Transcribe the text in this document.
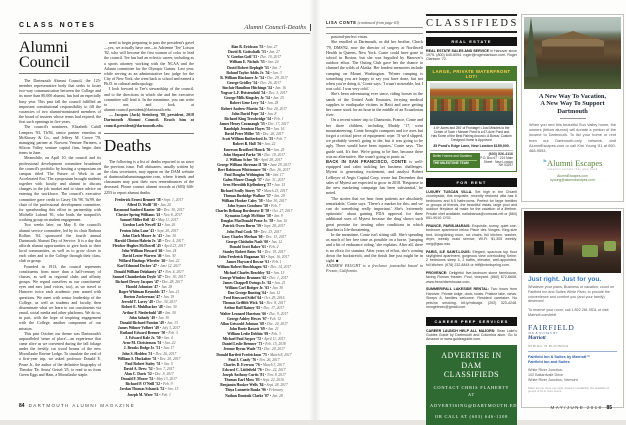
CLASS NOTES	Alumni Council-Deaths
Alumni Council

The Dartmouth Alumni Council, the 125-member representative body that seeks to foster two-way communication between the College and its more than 80,000 alumni, has had an especially busy year. This past fall the council fulfilled an important constitutional responsibility to fill the vacancies of two alumni-nominated members of the board of trustees whose terms had expired, the first such openings in five years.

The council's nominees, Elizabeth Cahill Lempres '83, Th'84, senior partner emeritus at McKinsey & Co., and Jeffrey M. Crowe '78, managing partner at Norwest Venture Partners, a Silicon Valley venture capital firm, begin their terms in June.

Meanwhile, on April 10, the council and its professional development committee broadened the council's portfolio by hosting a symposium on campus titled 'The Future of Work in an Accelerated Era.' The symposium brought students together with faculty and alumni to discuss changes in the job market and to share advice on entering the workforce. The council's executive committee gave credit to Casey Oh '98, Tu'99, the chair of the professional development committee, for spearheading this effort in partnership with Michelle Lafond '81, who leads the nonprofit's working group on student engagement.

Two weeks later, on May 8, the council's alumni service committee, led by its chair Barbara Rollins '84, sponsored the fourth annual Dartmouth Alumni Day of Service. It is a day that affords alumni opportunities to give back to their local communities, as well as to grow closer to each other and to the College through their class, club or group.

Founded in 1913, the council represents constituents from more than a half-century of classes, as well as regional clubs and affinity groups. We regard ourselves as our constituents' eyes and ears (and voices, too), as we travel to Hanover twice each academic year armed with questions. We meet with senior leadership of the College, as well as students and faculty, then disseminate what we learn to our constituents via email, social media and other platforms. We do so, in part, with the hope of inspiring engagement with the College, another component of our mission.

This past October our theme was Dartmouth's unparalleled 'sense of place'—an experience that came alive as we convened during the fall foliage under the freshly cut wood beams of the new Moosilauke Ravine Lodge. To simulate the zeal of a first-year trip, we asked professor Donald E. Pease Jr., the author of the definitive biography of Theodor 'Dr. Seuss' Geisel '25, to read to us from Green Eggs and Ham, a Moosilauke staple.

need to begin preparing to pass the president's gavel—yes, we actually have one—to Adrienne 'Tee' Lotson '82, who will become the first woman of color to lead the council. Tee has had an eclectic career, including as a sports attorney working with the NCAA and the Atlanta committee for the Olympic Games. Last year, while serving as an administrative law judge for the City of New York, she went back to school and earned a Ph.D. in cultural anthropology.

I look forward to Tee's stewardship of the council, and to the directions in which she and her executive committee will lead it. In the meantime, you can write to me, and look at alumni.council.president@dartmouth.edu.

— Jacques (Jack) Steinberg '88, president, 2018 Dartmouth Alumni Council. Reach him at council.president@dartmouth.edu.

Deaths

The following is a list of deaths reported to us since the previous issue. Full obituaries, usually written by the class secretaries, may appear on the DAM website at dartmouthalumnimagazine.com, where friends and classmates may post their own remembrances of the deceased. Please contact alumni records at (603) 646-2253 to report alumni deaths.

Frederick Ernest Bennett '38 • Sept. 1, 2017
Alfred D. Wolff '38 • Jan. 20
Raymond Sanford Kanter '40 • Dec. 30, 2017
Chester Spring Williams '41 • Nov. 8, 2017
Samuel Miller Bell '42 • May 11, 2017
Gordon Loeb Newell '42 • Jan. 26
Fenton John Lane '43 • Sept. 20, 2017
John Clark Moore Jr. '43 • Jan. 30
Harold Clinton Habein Jr. '45 • Dec. 4, 2017
Fletcher Hughes McDowell '45 • April 23, 2017
John William Howard '46 • Jan. 24
David Lester Warren '46 • Jan. 30
Willard Hastings Wheeler '46 • Jan. 22
Karl Edmond Decker '47 • June 12, 2017
Donald William Delahanty '47 • Nov. 4, 2017
Samuel Chamberlain Doyle '47 • Dec. 30, 2017
Richard Dewey Jacques '47 • Dec. 28, 2017
Harold Johnston '47 • Jan. 28
Roger Whitman Reynolds '47 • Jan. 21
Burton Zuckerman '47 • Jan. 19
Jerrold T. Lavey '48 • Dec. 30, 2017
Robert E. Muhlbacker '48 • Jan. 30
Arthur F. Niederbuhl '48 • Jan. 30
John Sahady '49 • Jan. 30
Donald Richard Pontius '49 • Jan. 13
James Wilmer Volbert '49 • July 3, 2017
Rutland Edward Beemer '50 • Feb. 3
J. Edward Kale Jr. '50 • Jan. 4
Arne M. Christenson '51 • Jan. 22
J. Brooks Dodge Jr. '51 • Jan. 17
John S. Hedden '51 • Dec. 26, 2017
William S. Huckabee '51 • Dec. 20, 2017
Paul Robert Staley '51 • Jan. 5
David A. Drew '52 • Nov. 7, 2017
Alan C. Davis '52 • Dec. 9, 2017
Donald F. Moore '52 • May 13, 2017
Richard P. O'Neill '52 • Feb. 9
Jordan Thomas Schanck '52 • Jan. 13
Joseph M. Ware '52 • Feb. 1
Alan B. Erickson '53 • Jan. 27
David R. Gottschalk '53 • Jan. 27
V. Gordon Goff '53 • Dec. 10, 2017
William E. Nichols '53 • Jan. 24
David Robert Replogle '53 • Jan. 7
Roland Taylor Addis Jr. '54 • Jan. 3
B. William Blackmer Jr. '54 • Dec. 29, 2017
George Gridley '54 • Dec. 26, 2017
Sinclair Hamilton Hitchings '54 • Jan. 16
Yngvar L.F. Hvistendahl '54 • Dec. 3, 2017
George Mills Kingsley Jr. '54 • Jan. 25
Robert Gene Levy '54 • Jan. 28
Robert Andrew Martin '54 • Nov. 20, 2017
John David Pope '54 • Jan. 8
Richard King Trowbridge '54 • Feb. 1
James Henry Cavanaugh '55 • Dec. 17, 2017
Randolph Jennison Hayes '55 • Jan. 16
David Peter Miller '55 • Dec. 26, 2017
Scott William Rutherford Jr. '55 • Feb. 7
Robert B. Hall '56 • Jan. 22
Emerson Bradford Houck '56 • Jan. 25
John Shepard Parke '56 • Dec. 19, 2017
J. William Scher '56 • April 28, 2017
George William Sherman II '56 • June 29, 2017
Bert Robinson Whittemore '56 • Dec. 26, 2017
Paul Douglas Withington '56 • Jan. 17
Galen Moore Clough '57 • Jan. 31, 2017
Sven Meredith Kjellenberg '57 • Jan. 15
Richard Scully Storey '57 • March 23, 2017
Thomas Burbidge Wallace '57 • Jan. 29
William Hooker Caley '58 • Mar. 30, 2017
John Symes Goodnow '58 • Feb. 7
Charles Belknap Bordenave II '58 • Oct. 27, 2017
Kynaston Leigh McShine '58 • Jan. 9
Douglas MacDonald Pease Jr. '58 • Jan. 16
Patrick Owen Burns '59 • Sept. 28, 2017
John Paul Cook '59 • Dec. 23, 2017
Gary Charles Meehan '60 • Dec. 13, 2017
George Chisholm Nash '60 • Jan. 12
Donald Scott Baker '61 • Feb. 2
Stanley Robert Bates '61 • Dec. 19, 2017
John Frederick Hagaman '61 • Sept. 16, 2017
James Hayward Bowne '61 • Feb. 1
William Robert Buschhagen '62 • Dec. 14, 2017
Michael Charles Beachley '62 • Jan. 13
George Winslow Brannen '62 • Dec. 1, 2017
James Chappell Owings Jr. '62 • Jan. 21
William Carl Bottger Jr. '63 • Jan. 30
Dan George Bunting '64 • Jan. 12
Fred Renward Stifel '64 • Oct. 29, 2016
Thomas Griffith Wick '64 • Dec. 8, 2017
Arthur Bull Rainey '65 • Dec. 17, 2017
Walter Leonard Harrison '66 • Dec. 9, 2017
George Ashley Hewes '67 • Feb. 12
Allan Griswold Johnson '68 • Dec. 24, 2017
John Burie Bassett '69 • Jan. 21
William Leslie Dobbin '69 • Feb. 3
Michael Paul Szyper '72 • April 11, 2017
Daniel Leslie Brenner '73 • Feb. 15, 2018
Jerome Byron Wade '73 • Dec. 20, 2017
Donald Bartlett Fredrickson '75 • March 8, 2017
Paul J. Coady '76 • Nov. 26, 2017
Charles D. Everson '76 • March 3, 2017
Edward C. Littlefield '76 • Dec. 22, 2017
Joseph Anthony Curtis '81 • Nov. 8, 2017
Thomas Earl Moss '83 • Sept. 22, 2016
Benjamin Hooker Wells '84 • Sept. 28, 2017
Thiya Lunnette Banks '96 • February
Nathan Dominik Clarke '07 • Jan. 28

LISA CONTE (continued from page 63)

pastoral-perfect vistas.

She enrolled at Dartmouth, as did her brother, Chuck '79, DMS'82, now the director of surgery at Northwell Health in Queens, New York. Conte could have gone to school in Boston, but she was beguiled by Hanover's outdoor ethos. The Outing Club gave her the chance to channel the wilds of Alaska. Her fondest memories include camping on Mount Washington. 'Winter camping is something you are happy to say you have done, but not when you're doing it,' Conte says. 'I wasn't miserable, but I was cold. I was very cold.'

She's been adventuring ever since, riding horses in the sands of the United Arab Emirates, ferrying medical supplies to earthquake victims in Haiti and once getting her canoe stuck for an hour in the middle of an Ecuadorian river.

On a recent winter trip to Chamonix, France, Conte and her three children, including Maddy '17, went mountaineering. Conte brought crampons and ice axes but forgot a critical piece of equipment: rope. 'If we'd slipped, we probably weren't going to die, but it was going to be ugly. There would have been injuries,' Conte says. 'The guide said, It's fine. We're going to be fine, because there was no alternative. She wasn't going to panic us.'

BACK IN SAN FRANCISCO, CONTE is well-equipped and calm tackling her business challenges. Mytesi is generating excitement, and analyst Robert LeBoyer of Aegis Capital Corp. wrote last December that sales of Mytesi are expected to grow in 2018. 'Response to the new marketing campaign has been substantial,' he noted.

'The stories that we hear from patients are absolutely remarkable,' Conte says. 'There's a market for this, and we can do something really important.' She's 'extremely optimistic' about gaining FDA approval for three additional uses of Mytesi because the drug shows such great promise for treating other conditions in which diarrhea is life-threatening.

In the meantime, Conte isn't sitting still. She's spending as much of her free time as possible on a horse, 'jumping and a bit of endurance riding,' she explains. After all, there is no elixir for stamina. After years of effort, she's coming down the backstretch, and the finish line just might be in sight. ■

ANDREW FAUGHT is a freelance journalist based in Fresno, California.

CLASSIFIEDS
REAL ESTATE

REAL ESTATE SALES AND SERVICE in Hanover since 1975. (800) 640-6094. roger@rogerclarkson.com. Roger Clarkson '72.

LARGE, PRIVATE WATERFRONT LOT!
4.6+ Acres and 250' of Frontage! • Just Minutes to the Center of Town • Messer Pond is a 67-Acre Pond and Has Some of the Best Fishing Around • A Bonus: Custom Designed Home is Approved
35 Pond's Edge Lane, New London $159,000.
Better Homes and Gardens
THE MILESTONE TEAM
(603) 526-4116
P.O. Box 67 · 224 Main Street · New London NH 03257
FOR RENT

LUXURY TUSCAN VILLA. Set high in the Chianti countryside, this exquisite, recently restored villa has 6 bedrooms and 6.5 bathrooms. Perfect for large families or groups of friends, the beautiful vistas, large pool and outdoor fireplace all make for the vacation of a lifetime. Private chef available. nallabianca@comcast.net or (860) 651-9010. D'92.

FRANCE, PARIS-MARAIS: Exquisite, sunny, quiet one-bedroom apartment below Place des Vosges. King-size bed, living/dining room, six chairs, full kitchen, washer, dryer, weekly maid service, Wi-Fi. $1,305 weekly. meg@gwu.edu.

PARIS, ILE SAINT-LOUIS: Elegant, spacious top floor skylighted apartment, gorgeous view overlooking Seine. 2 bedrooms sleep 4, 2 baths, elevator, well-appointed, full kitchen. (678) 232-8444 or triff@mindspring.com.

PROVENCE: Delightful five-bedroom stone farmhouse, facing Roman theater. Pool, vineyard. (860) 672-6608. www.frenchfarmhouse.com.

SUMMER/FALL LAKESIDE RENTAL: Two hours from Hanover. Private lodge, dock, boats. Pristine lake, views. Sleeps 8, families welcome. Resident caretaker. No pets/no smoking. bit.ly/mtlodge. (202) 323-4248. mvogelexec@gmail.com.

CAREER PREP SERVICES

CAREER LAUNCH HELP ALL MAJORS: Sean Lake's Guides Guide by Dartmouth and Columbia alum. Go to Amazon or www.guidesguide.com.

ADVERTISE IN DAM
CLASSIFIEDS
CONTACT CHRIS FLAHERTY AT
ADVERTISING@DARTMOUTH.EDU
OR CALL AT (603) 646-1208
A New Way To Vacation,
A New Way To Support
Dartmouth
When you rent this beautiful Sun Valley home, the owners (fellow alumni) will donate a portion of the income to Dartmouth. To list your home or rent from our Dartmouth-only network, visit AlumniEscapes.com or call Kim Young '81 at 650-468-9553.
⚑Alumni Escapes
vacation rentals that give back
AlumniEscapes.com
kyoung@alumniescapes.com
Just right. Just for you.
Whatever your plans. Business or vacation, count on Fairfield Inn and Suites White River, to provide the convenience and comfort you (and your family) deserves!
To reserve your room, call 1.802.281.9511 or visit Marriott.com/lebfi
FAIRFIELD
INN & SUITES BY
Marriott
SPRING IS BLOOMING
Fairfield Inn & Suites by Marriott™
Fairfield Inn and Suites
White River Junction:
102 Ballardvale Drive
White River Junction, Vermont
Rates are per room, per night, based on availability. Not available for groups of 10 or more rooms.
84 DARTMOUTH ALUMNI MAGAZINE	MAY/JUNE 2018 85
